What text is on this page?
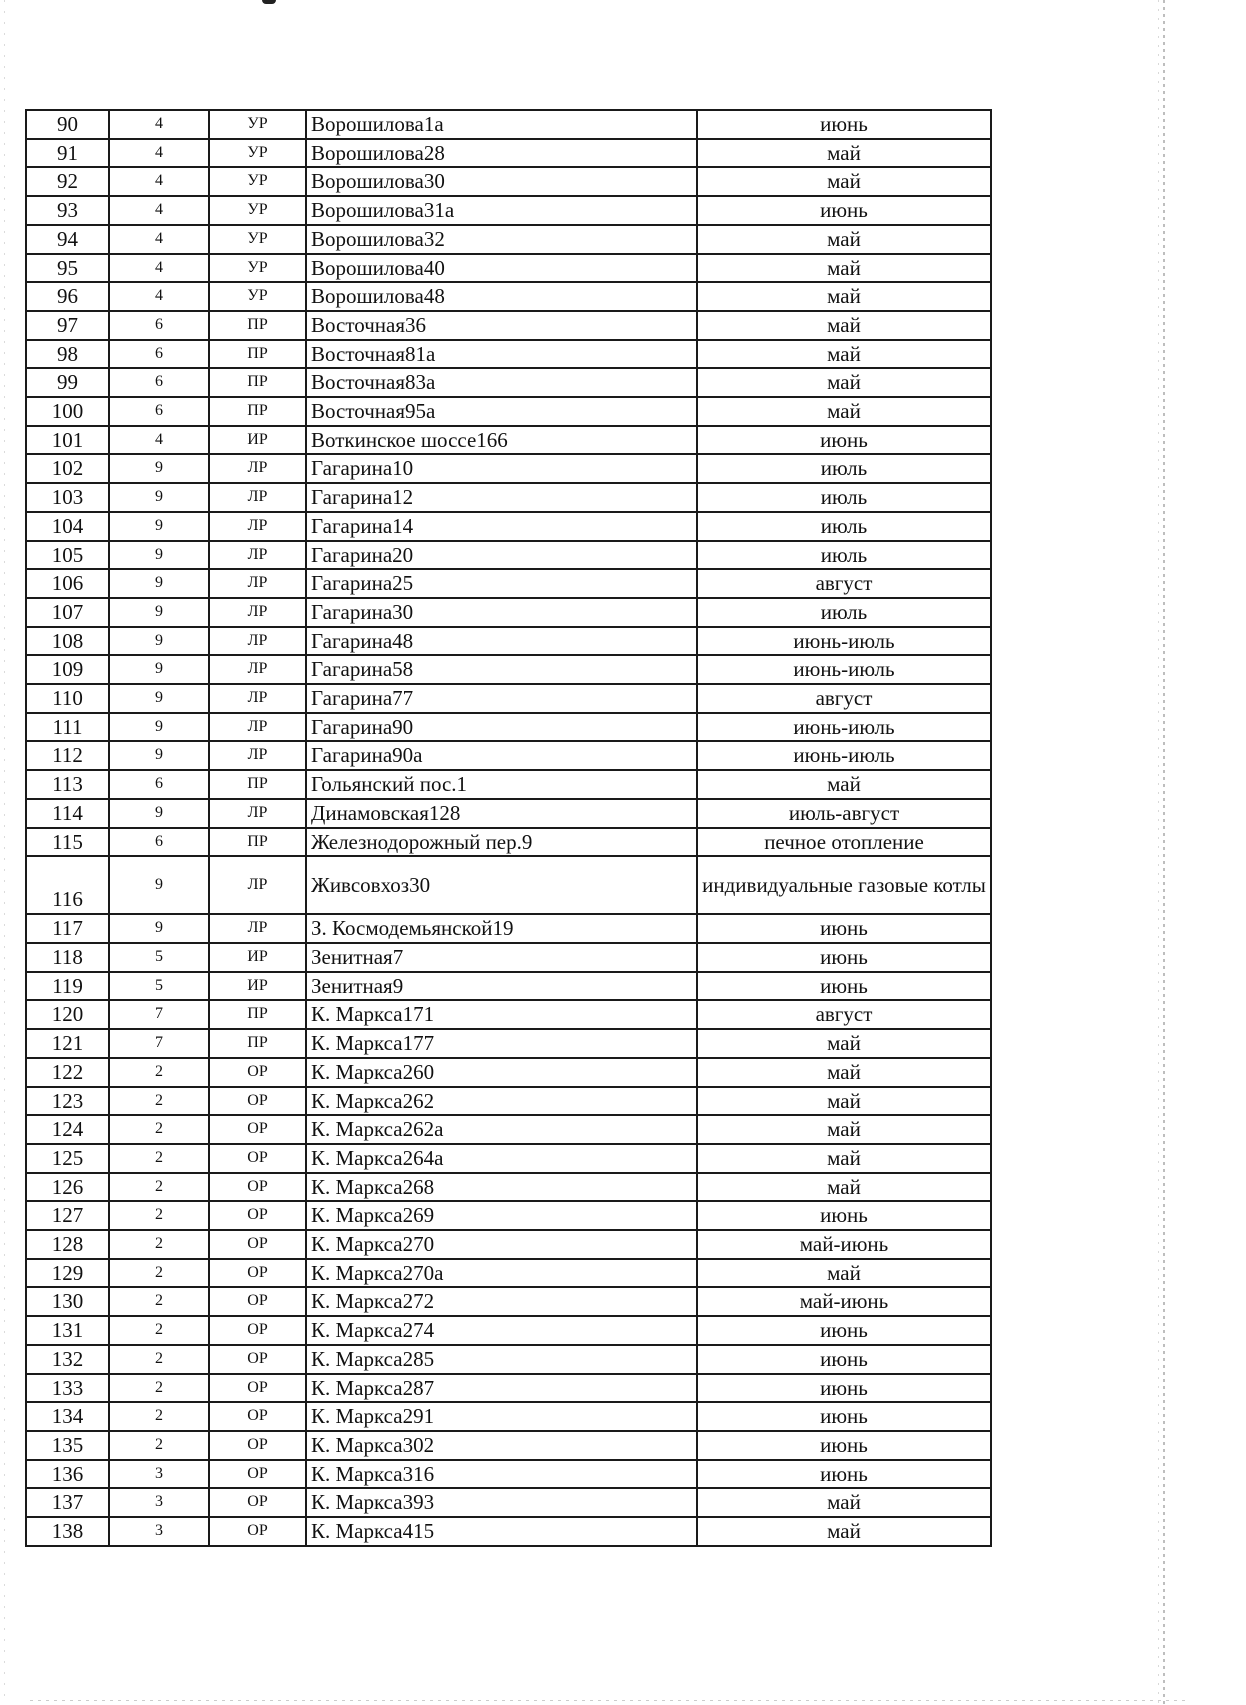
90	4	УР	Ворошилова1а	июнь
91	4	УР	Ворошилова28	май
92	4	УР	Ворошилова30	май
93	4	УР	Ворошилова31а	июнь
94	4	УР	Ворошилова32	май
95	4	УР	Ворошилова40	май
96	4	УР	Ворошилова48	май
97	6	ПР	Восточная36	май
98	6	ПР	Восточная81а	май
99	6	ПР	Восточная83а	май
100	6	ПР	Восточная95а	май
101	4	ИР	Воткинское шоссе166	июнь
102	9	ЛР	Гагарина10	июль
103	9	ЛР	Гагарина12	июль
104	9	ЛР	Гагарина14	июль
105	9	ЛР	Гагарина20	июль
106	9	ЛР	Гагарина25	август
107	9	ЛР	Гагарина30	июль
108	9	ЛР	Гагарина48	июнь-июль
109	9	ЛР	Гагарина58	июнь-июль
110	9	ЛР	Гагарина77	август
111	9	ЛР	Гагарина90	июнь-июль
112	9	ЛР	Гагарина90а	июнь-июль
113	6	ПР	Гольянский пос.1	май
114	9	ЛР	Динамовская128	июль-август
115	6	ПР	Железнодорожный пер.9	печное отопление
116	9	ЛР	Живсовхоз30	индивидуальные газовые котлы
117	9	ЛР	З. Космодемьянской19	июнь
118	5	ИР	Зенитная7	июнь
119	5	ИР	Зенитная9	июнь
120	7	ПР	К. Маркса171	август
121	7	ПР	К. Маркса177	май
122	2	ОР	К. Маркса260	май
123	2	ОР	К. Маркса262	май
124	2	ОР	К. Маркса262а	май
125	2	ОР	К. Маркса264а	май
126	2	ОР	К. Маркса268	май
127	2	ОР	К. Маркса269	июнь
128	2	ОР	К. Маркса270	май-июнь
129	2	ОР	К. Маркса270а	май
130	2	ОР	К. Маркса272	май-июнь
131	2	ОР	К. Маркса274	июнь
132	2	ОР	К. Маркса285	июнь
133	2	ОР	К. Маркса287	июнь
134	2	ОР	К. Маркса291	июнь
135	2	ОР	К. Маркса302	июнь
136	3	ОР	К. Маркса316	июнь
137	3	ОР	К. Маркса393	май
138	3	ОР	К. Маркса415	май
